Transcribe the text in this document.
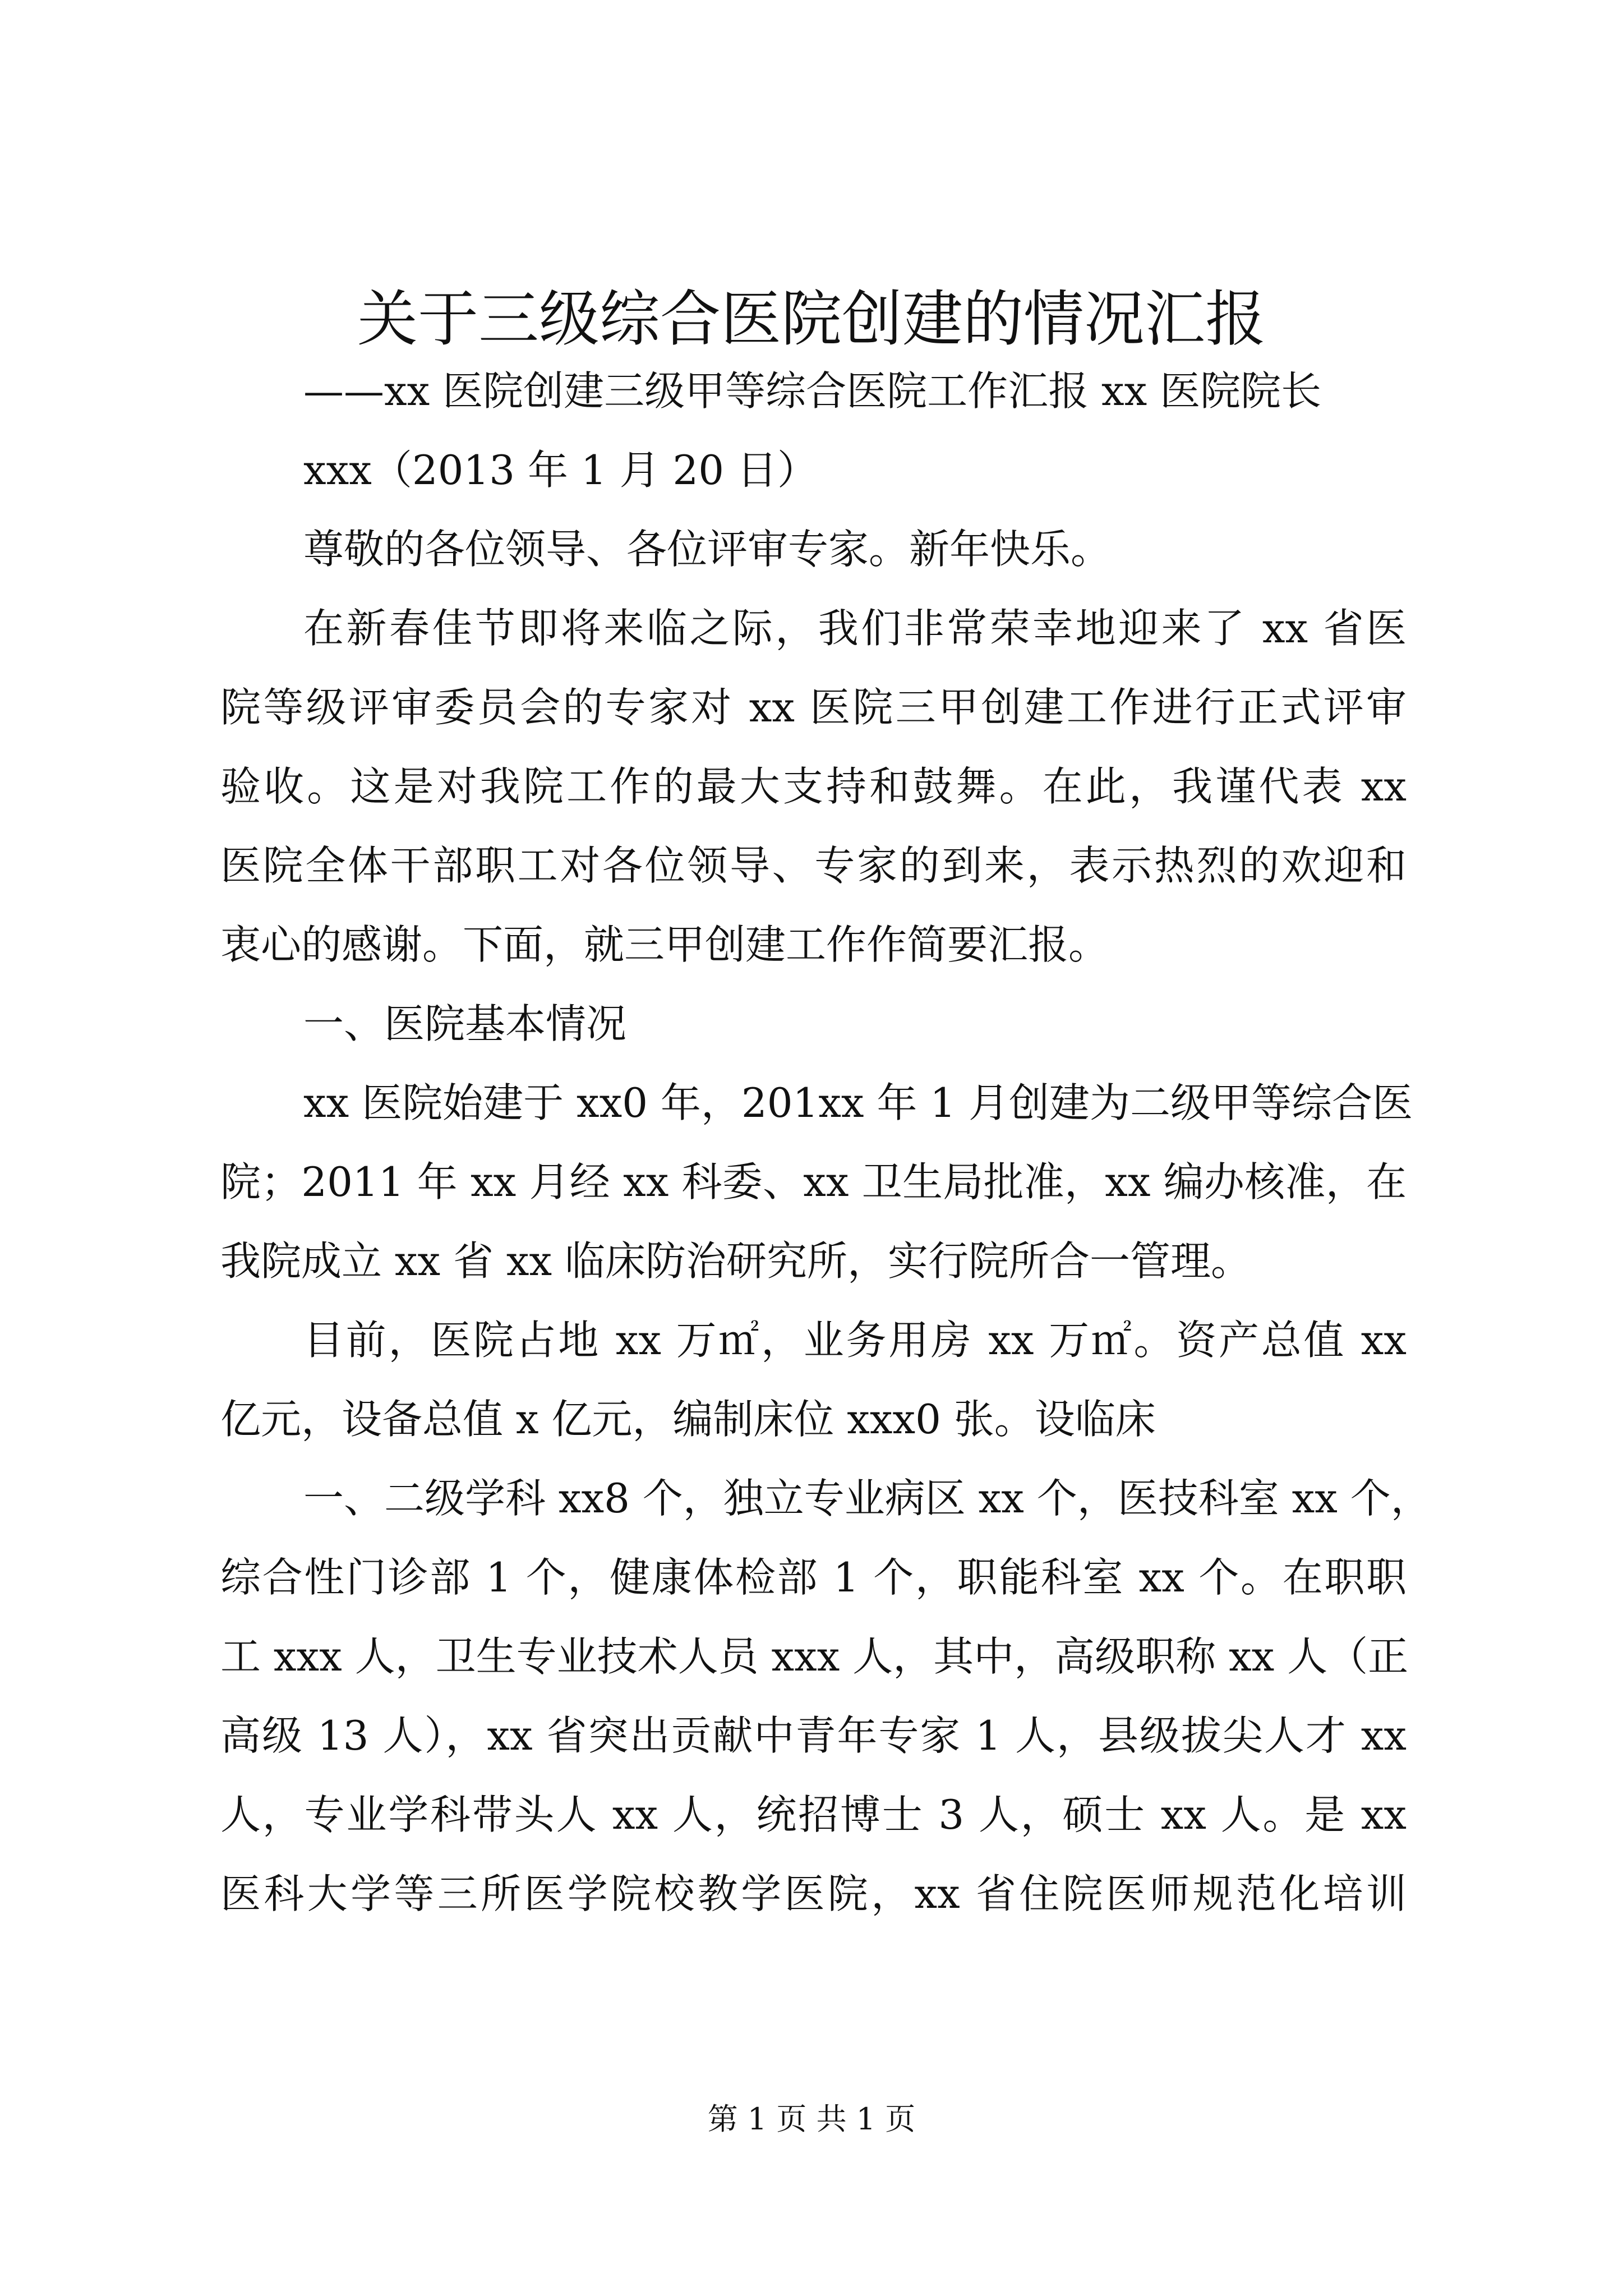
关于三级综合医院创建的情况汇报
——xx 医院创建三级甲等综合医院工作汇报 xx 医院院长
xxx（2013 年 1 月 20 日）
尊敬的各位领导、各位评审专家。新年快乐。
在新春佳节即将来临之际，我们非常荣幸地迎来了 xx 省医
院等级评审委员会的专家对 xx 医院三甲创建工作进行正式评审
验收。这是对我院工作的最大支持和鼓舞。在此，我谨代表 xx
医院全体干部职工对各位领导、专家的到来，表示热烈的欢迎和
衷心的感谢。下面，就三甲创建工作作简要汇报。
一、医院基本情况
xx 医院始建于 xx0 年，201xx 年 1 月创建为二级甲等综合医
院；2011 年 xx 月经 xx 科委、xx 卫生局批准，xx 编办核准，在
我院成立 xx 省 xx 临床防治研究所，实行院所合一管理。
目前，医院占地 xx 万㎡，业务用房 xx 万㎡。资产总值 xx
亿元，设备总值 x 亿元，编制床位 xxx0 张。设临床
一、二级学科 xx8 个，独立专业病区 xx 个，医技科室 xx 个，
综合性门诊部 1 个，健康体检部 1 个，职能科室 xx 个。在职职
工 xxx 人，卫生专业技术人员 xxx 人，其中，高级职称 xx 人（正
高级 13 人），xx 省突出贡献中青年专家 1 人，县级拔尖人才 xx
人，专业学科带头人 xx 人，统招博士 3 人，硕士 xx 人。是 xx
医科大学等三所医学院校教学医院，xx 省住院医师规范化培训
第 1 页 共 1 页
